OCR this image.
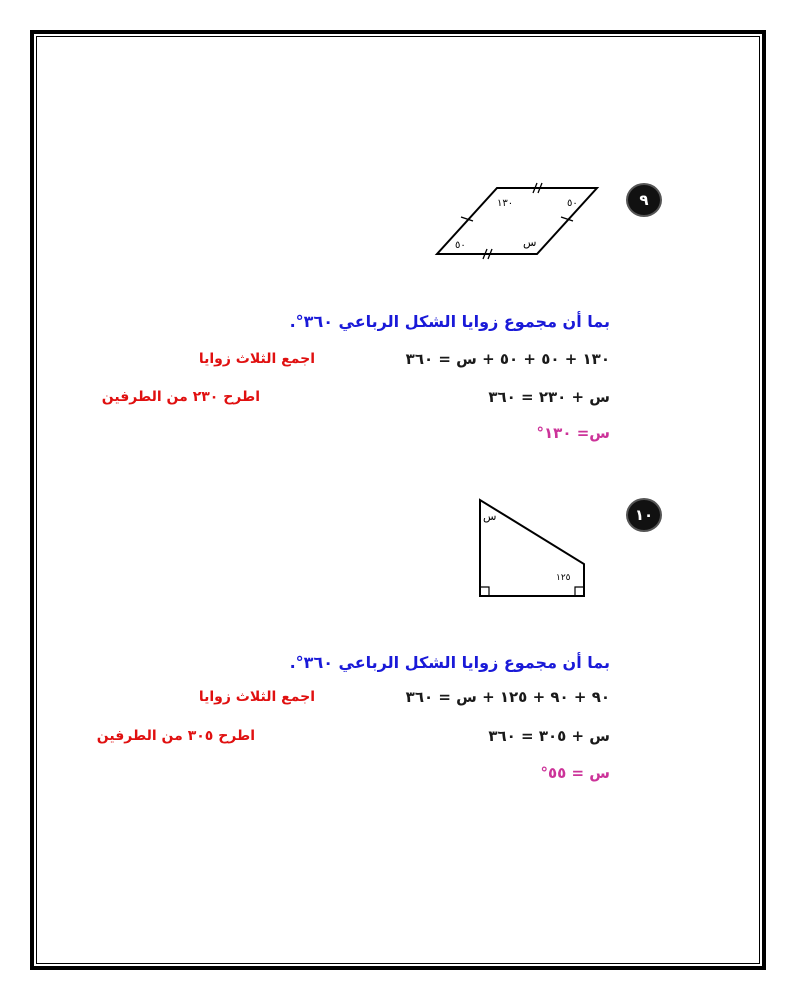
٩
١٣٠	٥٠
٥٠	س
بما أن مجموع زوايا الشكل الرباعي ٣٦٠°.
١٣٠ + ٥٠ + ٥٠ + س = ٣٦٠
اجمع الثلاث زوايا
س + ٢٣٠ = ٣٦٠
اطرح ٢٣٠ من الطرفين
س= ١٣٠°
١٠
س
١٢٥
بما أن مجموع زوايا الشكل الرباعي ٣٦٠°.
٩٠ + ٩٠ + ١٢٥ + س = ٣٦٠
اجمع الثلاث زوايا
س + ٣٠٥ = ٣٦٠
اطرح ٣٠٥ من الطرفين
س = ٥٥°
